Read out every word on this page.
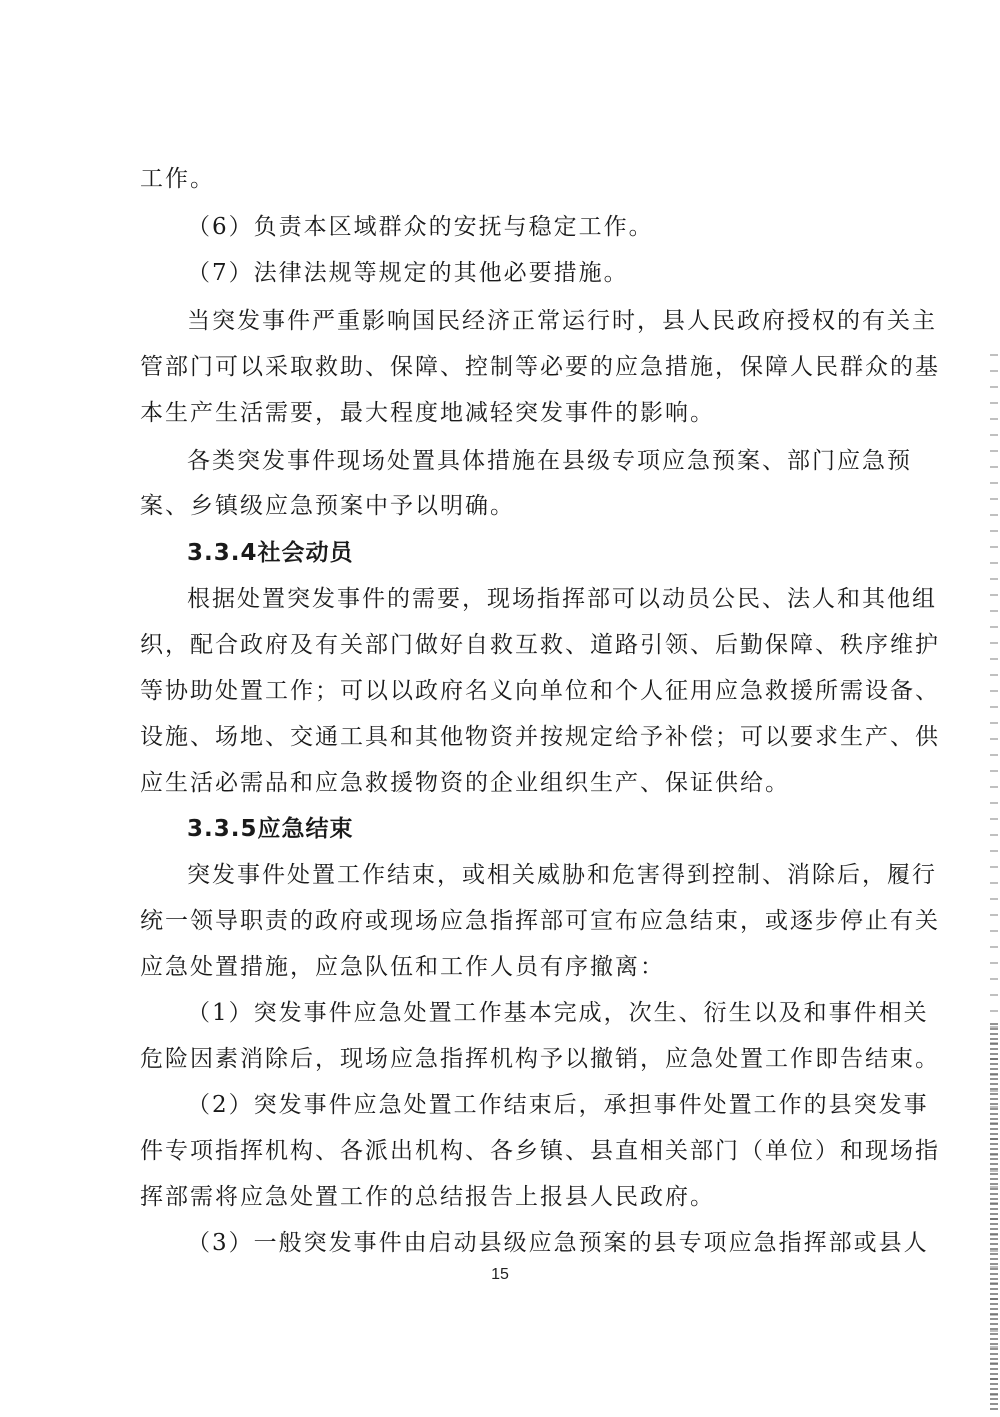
工作。
（6）负责本区域群众的安抚与稳定工作。
（7）法律法规等规定的其他必要措施。
当突发事件严重影响国民经济正常运行时，县人民政府授权的有关主
管部门可以采取救助、保障、控制等必要的应急措施，保障人民群众的基
本生产生活需要，最大程度地减轻突发事件的影响。
各类突发事件现场处置具体措施在县级专项应急预案、部门应急预
案、乡镇级应急预案中予以明确。
3.3.4社会动员
根据处置突发事件的需要，现场指挥部可以动员公民、法人和其他组
织，配合政府及有关部门做好自救互救、道路引领、后勤保障、秩序维护
等协助处置工作；可以以政府名义向单位和个人征用应急救援所需设备、
设施、场地、交通工具和其他物资并按规定给予补偿；可以要求生产、供
应生活必需品和应急救援物资的企业组织生产、保证供给。
3.3.5应急结束
突发事件处置工作结束，或相关威胁和危害得到控制、消除后，履行
统一领导职责的政府或现场应急指挥部可宣布应急结束，或逐步停止有关
应急处置措施，应急队伍和工作人员有序撤离：
（1）突发事件应急处置工作基本完成，次生、衍生以及和事件相关
危险因素消除后，现场应急指挥机构予以撤销，应急处置工作即告结束。
（2）突发事件应急处置工作结束后，承担事件处置工作的县突发事
件专项指挥机构、各派出机构、各乡镇、县直相关部门（单位）和现场指
挥部需将应急处置工作的总结报告上报县人民政府。
（3）一般突发事件由启动县级应急预案的县专项应急指挥部或县人
15
